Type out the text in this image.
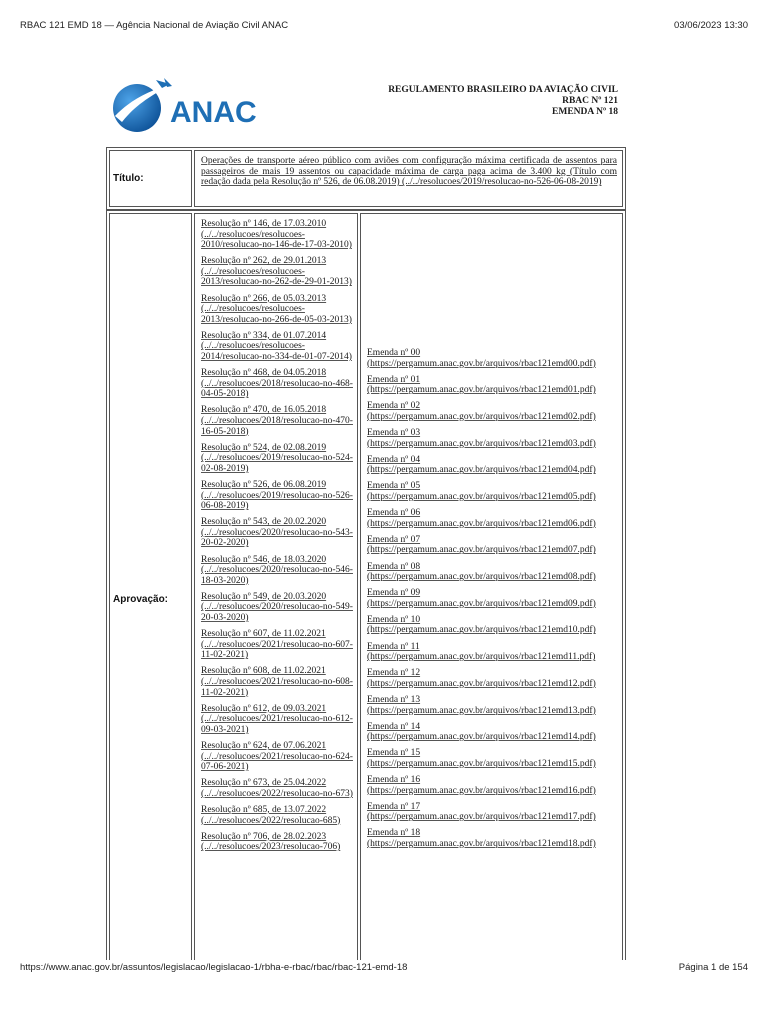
RBAC 121 EMD 18 — Agência Nacional de Aviação Civil ANAC	03/06/2023 13:30
ANAC
REGULAMENTO BRASILEIRO DA AVIAÇÃO CIVIL
RBAC Nº 121
EMENDA Nº 18
Título:
Operações de transporte aéreo público com aviões com configuração máxima certificada de assentos para passageiros de mais 19 assentos ou capacidade máxima de carga paga acima de 3.400 kg (Título com redação dada pela Resolução nº 526, de 06.08.2019) (../../resolucoes/2019/resolucao-no-526-06-08-2019)
Aprovação:
Resolução nº 146, de 17.03.2010 (../../resolucoes/resolucoes-2010/resolucao-no-146-de-17-03-2010)
Resolução nº 262, de 29.01.2013 (../../resolucoes/resolucoes-2013/resolucao-no-262-de-29-01-2013)
Resolução nº 266, de 05.03.2013 (../../resolucoes/resolucoes-2013/resolucao-no-266-de-05-03-2013)
Resolução nº 334, de 01.07.2014 (../../resolucoes/resolucoes-2014/resolucao-no-334-de-01-07-2014)
Resolução nº 468, de 04.05.2018 (../../resolucoes/2018/resolucao-no-468-04-05-2018)
Resolução nº 470, de 16.05.2018 (../../resolucoes/2018/resolucao-no-470-16-05-2018)
Resolução nº 524, de 02.08.2019 (../../resolucoes/2019/resolucao-no-524-02-08-2019)
Resolução nº 526, de 06.08.2019 (../../resolucoes/2019/resolucao-no-526-06-08-2019)
Resolução nº 543, de 20.02.2020 (../../resolucoes/2020/resolucao-no-543-20-02-2020)
Resolução nº 546, de 18.03.2020 (../../resolucoes/2020/resolucao-no-546-18-03-2020)
Resolução nº 549, de 20.03.2020 (../../resolucoes/2020/resolucao-no-549-20-03-2020)
Resolução nº 607, de 11.02.2021 (../../resolucoes/2021/resolucao-no-607-11-02-2021)
Resolução nº 608, de 11.02.2021 (../../resolucoes/2021/resolucao-no-608-11-02-2021)
Resolução nº 612, de 09.03.2021 (../../resolucoes/2021/resolucao-no-612-09-03-2021)
Resolução nº 624, de 07.06.2021 (../../resolucoes/2021/resolucao-no-624-07-06-2021)
Resolução nº 673, de 25.04.2022 (../../resolucoes/2022/resolucao-no-673)
Resolução nº 685, de 13.07.2022 (../../resolucoes/2022/resolucao-685)
Resolução nº 706, de 28.02.2023 (../../resolucoes/2023/resolucao-706)
Emenda nº 00 (https://pergamum.anac.gov.br/arquivos/rbac121emd00.pdf)
Emenda nº 01 (https://pergamum.anac.gov.br/arquivos/rbac121emd01.pdf)
Emenda nº 02 (https://pergamum.anac.gov.br/arquivos/rbac121emd02.pdf)
Emenda nº 03 (https://pergamum.anac.gov.br/arquivos/rbac121emd03.pdf)
Emenda nº 04 (https://pergamum.anac.gov.br/arquivos/rbac121emd04.pdf)
Emenda nº 05 (https://pergamum.anac.gov.br/arquivos/rbac121emd05.pdf)
Emenda nº 06 (https://pergamum.anac.gov.br/arquivos/rbac121emd06.pdf)
Emenda nº 07 (https://pergamum.anac.gov.br/arquivos/rbac121emd07.pdf)
Emenda nº 08 (https://pergamum.anac.gov.br/arquivos/rbac121emd08.pdf)
Emenda nº 09 (https://pergamum.anac.gov.br/arquivos/rbac121emd09.pdf)
Emenda nº 10 (https://pergamum.anac.gov.br/arquivos/rbac121emd10.pdf)
Emenda nº 11 (https://pergamum.anac.gov.br/arquivos/rbac121emd11.pdf)
Emenda nº 12 (https://pergamum.anac.gov.br/arquivos/rbac121emd12.pdf)
Emenda nº 13 (https://pergamum.anac.gov.br/arquivos/rbac121emd13.pdf)
Emenda nº 14 (https://pergamum.anac.gov.br/arquivos/rbac121emd14.pdf)
Emenda nº 15 (https://pergamum.anac.gov.br/arquivos/rbac121emd15.pdf)
Emenda nº 16 (https://pergamum.anac.gov.br/arquivos/rbac121emd16.pdf)
Emenda nº 17 (https://pergamum.anac.gov.br/arquivos/rbac121emd17.pdf)
Emenda nº 18 (https://pergamum.anac.gov.br/arquivos/rbac121emd18.pdf)
https://www.anac.gov.br/assuntos/legislacao/legislacao-1/rbha-e-rbac/rbac/rbac-121-emd-18	Página 1 de 154
